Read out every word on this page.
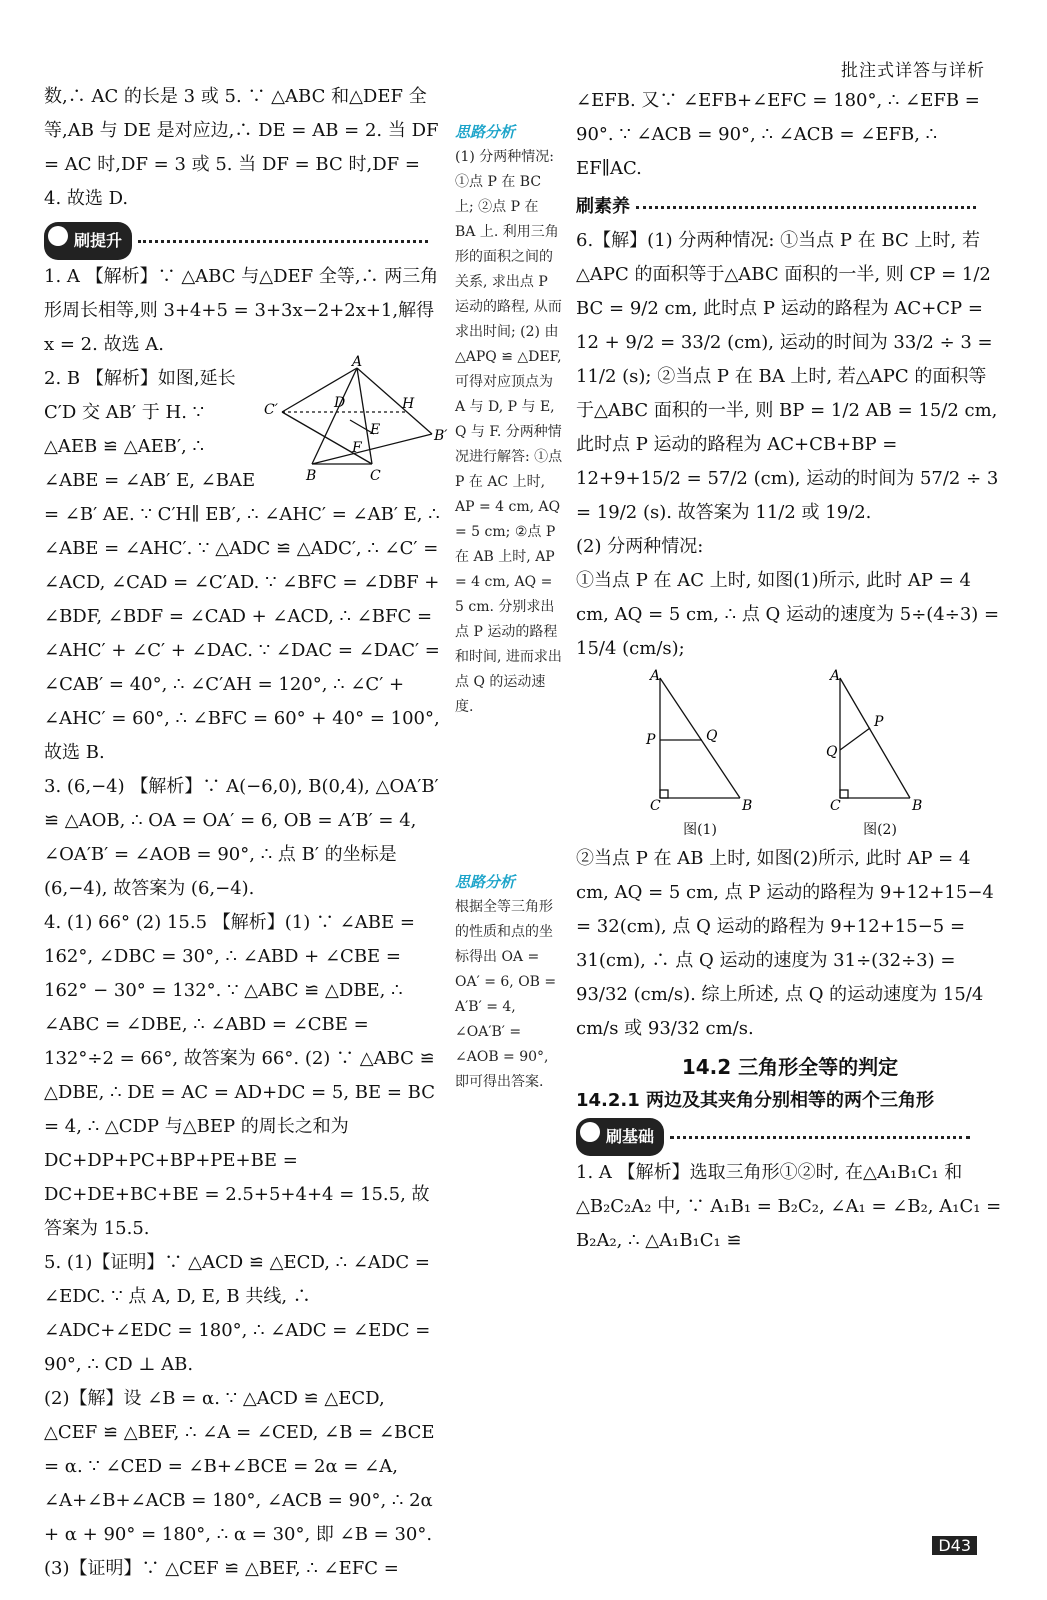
批注式详答与详析

数,∴ AC 的长是 3 或 5. ∵ △ABC 和△DEF 全等,AB 与 DE 是对应边,∴ DE = AB = 2. 当 DF = AC 时,DF = 3 或 5. 当 DF = BC 时,DF = 4. 故选 D.

刷提升

1. A 【解析】∵ △ABC 与△DEF 全等,∴ 两三角形周长相等,则 3+4+5 = 3+3x−2+2x+1,解得 x = 2. 故选 A.

A
C′	D	H
E	B′
F
B	C

2. B 【解析】如图,延长 C′D 交 AB′ 于 H. ∵ △AEB ≌ △AEB′, ∴ ∠ABE = ∠AB′ E, ∠BAE = ∠B′ AE. ∵ C′H∥ EB′, ∴ ∠AHC′ = ∠AB′ E, ∴ ∠ABE = ∠AHC′. ∵ △ADC ≌ △ADC′, ∴ ∠C′ = ∠ACD, ∠CAD = ∠C′AD. ∵ ∠BFC = ∠DBF + ∠BDF, ∠BDF = ∠CAD + ∠ACD, ∴ ∠BFC = ∠AHC′ + ∠C′ + ∠DAC. ∵ ∠DAC = ∠DAC′ = ∠CAB′ = 40°, ∴ ∠C′AH = 120°, ∴ ∠C′ + ∠AHC′ = 60°, ∴ ∠BFC = 60° + 40° = 100°, 故选 B.

3. (6,−4) 【解析】∵ A(−6,0), B(0,4), △OA′B′ ≌ △AOB, ∴ OA = OA′ = 6, OB = A′B′ = 4, ∠OA′B′ = ∠AOB = 90°, ∴ 点 B′ 的坐标是 (6,−4), 故答案为 (6,−4).

4. (1) 66° (2) 15.5 【解析】(1) ∵ ∠ABE = 162°, ∠DBC = 30°, ∴ ∠ABD + ∠CBE = 162° − 30° = 132°. ∵ △ABC ≌ △DBE, ∴ ∠ABC = ∠DBE, ∴ ∠ABD = ∠CBE = 132°÷2 = 66°, 故答案为 66°. (2) ∵ △ABC ≌ △DBE, ∴ DE = AC = AD+DC = 5, BE = BC = 4, ∴ △CDP 与△BEP 的周长之和为 DC+DP+PC+BP+PE+BE = DC+DE+BC+BE = 2.5+5+4+4 = 15.5, 故答案为 15.5.

5. (1)【证明】∵ △ACD ≌ △ECD, ∴ ∠ADC = ∠EDC. ∵ 点 A, D, E, B 共线, ∴ ∠ADC+∠EDC = 180°, ∴ ∠ADC = ∠EDC = 90°, ∴ CD ⊥ AB.

(2)【解】设 ∠B = α. ∵ △ACD ≌ △ECD, △CEF ≌ △BEF, ∴ ∠A = ∠CED, ∠B = ∠BCE = α. ∵ ∠CED = ∠B+∠BCE = 2α = ∠A, ∠A+∠B+∠ACB = 180°, ∠ACB = 90°, ∴ 2α + α + 90° = 180°, ∴ α = 30°, 即 ∠B = 30°.

(3)【证明】∵ △CEF ≌ △BEF, ∴ ∠EFC =

思路分析
(1) 分两种情况: ①点 P 在 BC 上; ②点 P 在 BA 上. 利用三角形的面积之间的关系, 求出点 P 运动的路程, 从而求出时间; (2) 由 △APQ ≌ △DEF, 可得对应顶点为 A 与 D, P 与 E, Q 与 F. 分两种情况进行解答: ①点 P 在 AC 上时, AP = 4 cm, AQ = 5 cm; ②点 P 在 AB 上时, AP = 4 cm, AQ = 5 cm. 分别求出点 P 运动的路程和时间, 进而求出点 Q 的运动速度.
思路分析
根据全等三角形的性质和点的坐标得出 OA = OA′ = 6, OB = A′B′ = 4, ∠OA′B′ = ∠AOB = 90°, 即可得出答案.

∠EFB. 又∵ ∠EFB+∠EFC = 180°, ∴ ∠EFB = 90°. ∵ ∠ACB = 90°, ∴ ∠ACB = ∠EFB, ∴ EF∥AC.

刷素养

6.【解】(1) 分两种情况: ①当点 P 在 BC 上时, 若△APC 的面积等于△ABC 面积的一半, 则 CP = 1/2 BC = 9/2 cm, 此时点 P 运动的路程为 AC+CP = 12 + 9/2 = 33/2 (cm), 运动的时间为 33/2 ÷ 3 = 11/2 (s); ②当点 P 在 BA 上时, 若△APC 的面积等于△ABC 面积的一半, 则 BP = 1/2 AB = 15/2 cm, 此时点 P 运动的路程为 AC+CB+BP = 12+9+15/2 = 57/2 (cm), 运动的时间为 57/2 ÷ 3 = 19/2 (s). 故答案为 11/2 或 19/2.

(2) 分两种情况:

①当点 P 在 AC 上时, 如图(1)所示, 此时 AP = 4 cm, AQ = 5 cm, ∴ 点 Q 运动的速度为 5÷(4÷3) = 15/4 (cm/s);

A
P	Q
C	B
图(1)
A
Q
P
C	B
图(2)

②当点 P 在 AB 上时, 如图(2)所示, 此时 AP = 4 cm, AQ = 5 cm, 点 P 运动的路程为 9+12+15−4 = 32(cm), 点 Q 运动的路程为 9+12+15−5 = 31(cm), ∴ 点 Q 运动的速度为 31÷(32÷3) = 93/32 (cm/s). 综上所述, 点 Q 的运动速度为 15/4 cm/s 或 93/32 cm/s.

14.2 三角形全等的判定

14.2.1 两边及其夹角分别相等的两个三角形

刷基础

1. A 【解析】选取三角形①②时, 在△A₁B₁C₁ 和△B₂C₂A₂ 中, ∵ A₁B₁ = B₂C₂, ∠A₁ = ∠B₂, A₁C₁ = B₂A₂, ∴ △A₁B₁C₁ ≌

D43
